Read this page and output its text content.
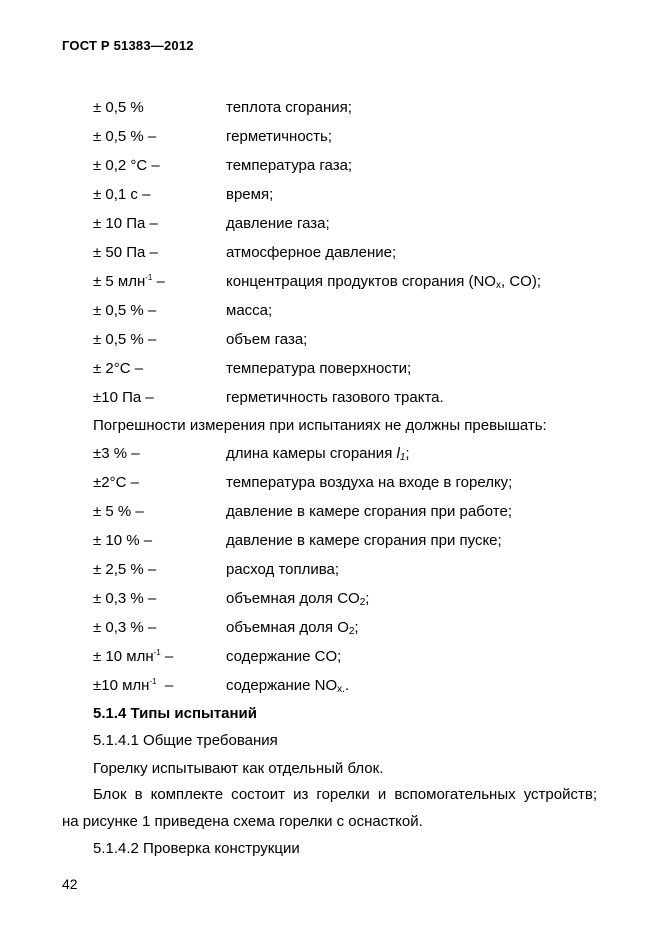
ГОСТ Р 51383—2012
± 0,5 %	теплота сгорания;
± 0,5 % –	герметичность;
± 0,2 °С –	температура газа;
± 0,1 с –	время;
± 10 Па –	давление газа;
± 50 Па –	атмосферное давление;
± 5 млн$^{-1}$ –	концентрация продуктов сгорания ($NO_x$, CO);
± 0,5 % –	масса;
± 0,5 % –	объем газа;
± 2°С –	температура поверхности;
±10 Па –	герметичность газового тракта.
Погрешности измерения при испытаниях не должны превышать:
±3 % –	длина камеры сгорания $l_1$;
±2°С –	температура воздуха на входе в горелку;
± 5 % –	давление в камере сгорания при работе;
± 10 % –	давление в камере сгорания при пуске;
± 2,5 % –	расход топлива;
± 0,3 % –	объемная доля $CO_2$;
± 0,3 % –	объемная доля $O_2$;
± 10 млн$^{-1}$ –	содержание CO;
±10 млн$^{-1}$  –	содержание $NO_{x.}$.
5.1.4 Типы испытаний
5.1.4.1 Общие требования
Горелку испытывают как отдельный блок.
Блок в комплекте состоит из горелки и вспомогательных устройств;
на рисунке 1 приведена схема горелки с оснасткой.
5.1.4.2 Проверка конструкции
42
